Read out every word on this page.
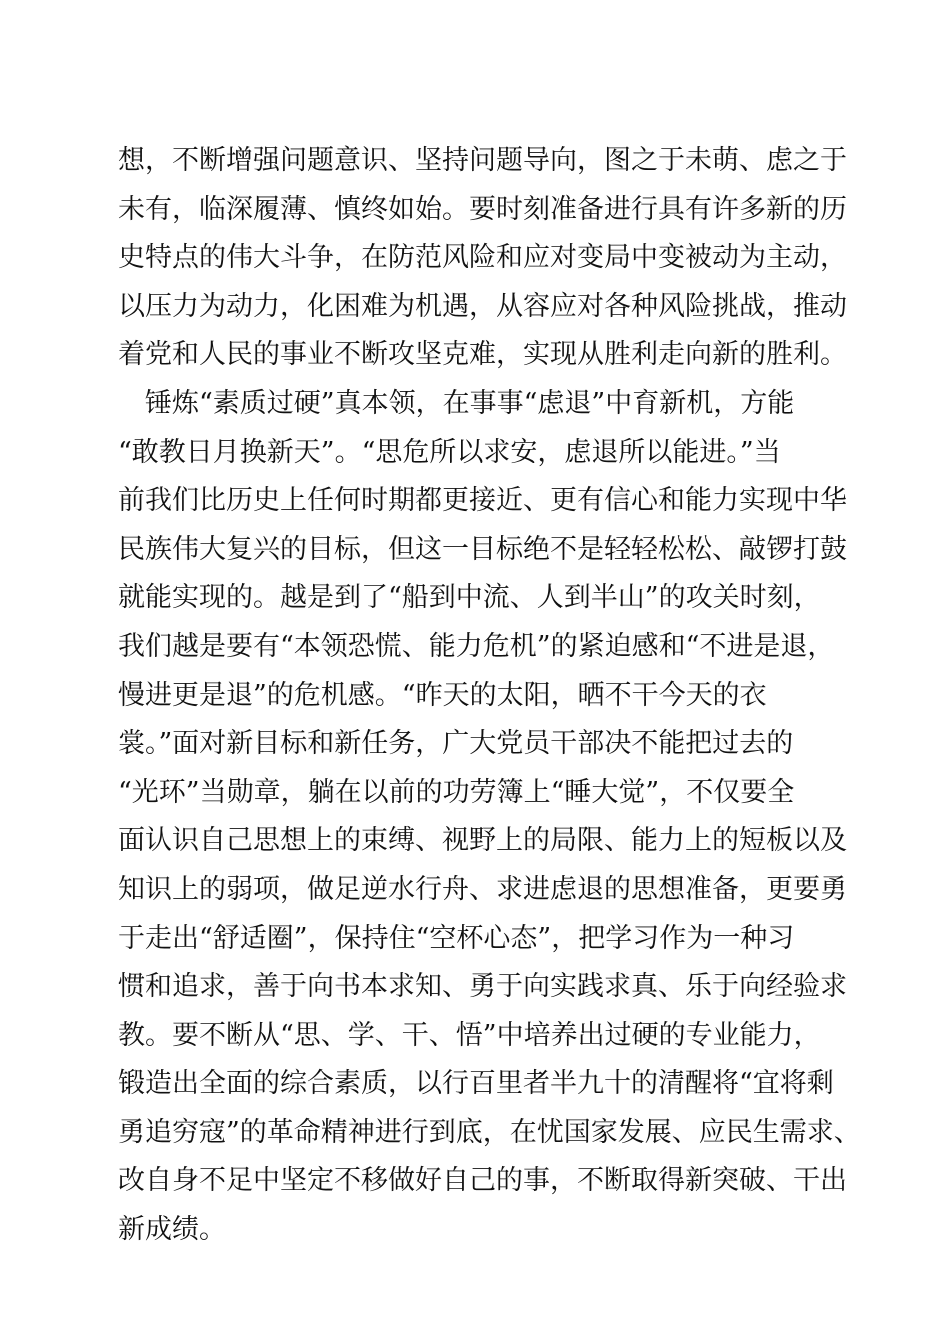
想，不断增强问题意识、坚持问题导向，图之于未萌、虑之于
未有，临深履薄、慎终如始。要时刻准备进行具有许多新的历
史特点的伟大斗争，在防范风险和应对变局中变被动为主动，
以压力为动力，化困难为机遇，从容应对各种风险挑战，推动
着党和人民的事业不断攻坚克难，实现从胜利走向新的胜利。
锤炼“素质过硬”真本领，在事事“虑退”中育新机，方能
“敢教日月换新天”。“思危所以求安，虑退所以能进。”当
前我们比历史上任何时期都更接近、更有信心和能力实现中华
民族伟大复兴的目标，但这一目标绝不是轻轻松松、敲锣打鼓
就能实现的。越是到了“船到中流、人到半山”的攻关时刻，
我们越是要有“本领恐慌、能力危机”的紧迫感和“不进是退，
慢进更是退”的危机感。“昨天的太阳，晒不干今天的衣
裳。”面对新目标和新任务，广大党员干部决不能把过去的
“光环”当勋章，躺在以前的功劳簿上“睡大觉”，不仅要全
面认识自己思想上的束缚、视野上的局限、能力上的短板以及
知识上的弱项，做足逆水行舟、求进虑退的思想准备，更要勇
于走出“舒适圈”，保持住“空杯心态”，把学习作为一种习
惯和追求，善于向书本求知、勇于向实践求真、乐于向经验求
教。要不断从“思、学、干、悟”中培养出过硬的专业能力，
锻造出全面的综合素质，以行百里者半九十的清醒将“宜将剩
勇追穷寇”的革命精神进行到底，在忧国家发展、应民生需求、
改自身不足中坚定不移做好自己的事，不断取得新突破、干出
新成绩。
